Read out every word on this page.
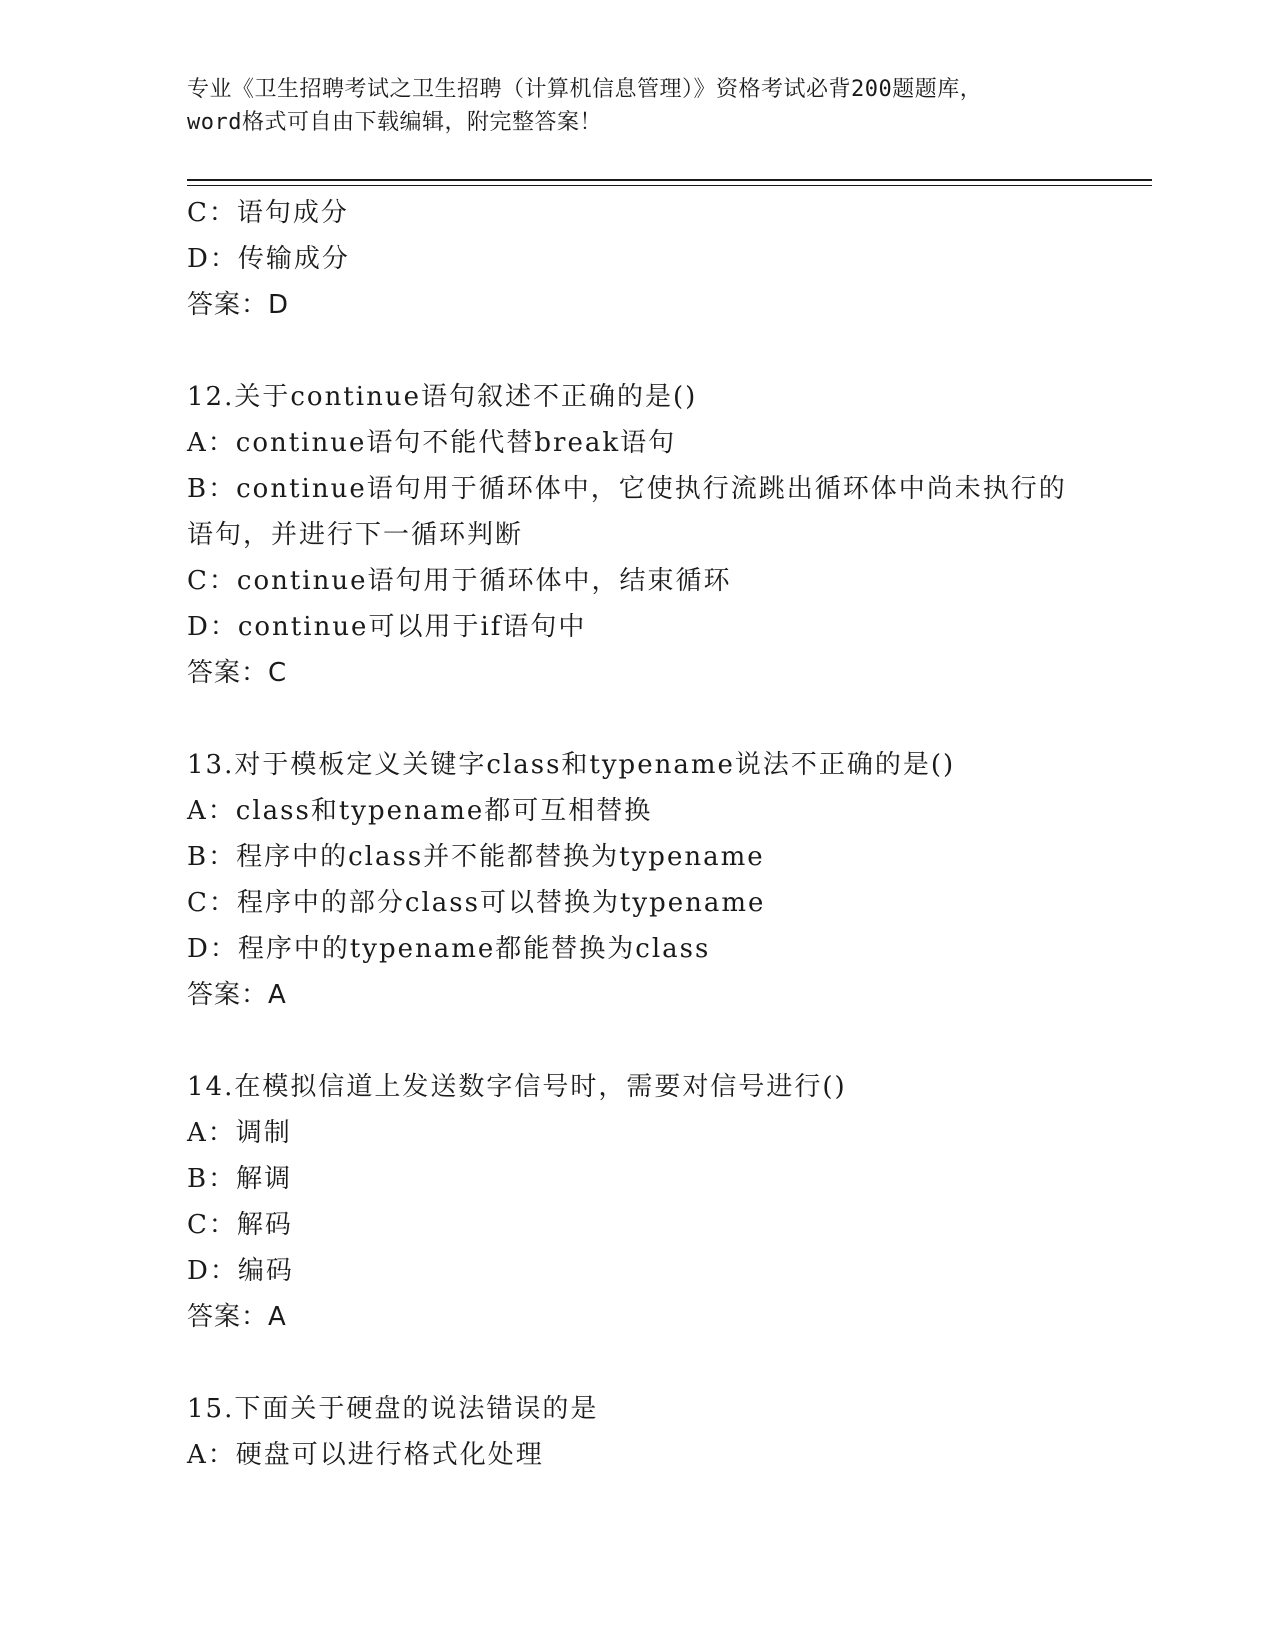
专业《卫生招聘考试之卫生招聘（计算机信息管理）》资格考试必背200题题库，
word格式可自由下载编辑，附完整答案！
C：语句成分
D：传输成分
答案：D
12.关于continue语句叙述不正确的是()
A：continue语句不能代替break语句
B：continue语句用于循环体中，它使执行流跳出循环体中尚未执行的
语句，并进行下一循环判断
C：continue语句用于循环体中，结束循环
D：continue可以用于if语句中
答案：C
13.对于模板定义关键字class和typename说法不正确的是()
A：class和typename都可互相替换
B：程序中的class并不能都替换为typename
C：程序中的部分class可以替换为typename
D：程序中的typename都能替换为class
答案：A
14.在模拟信道上发送数字信号时，需要对信号进行()
A：调制
B：解调
C：解码
D：编码
答案：A
15.下面关于硬盘的说法错误的是
A：硬盘可以进行格式化处理
